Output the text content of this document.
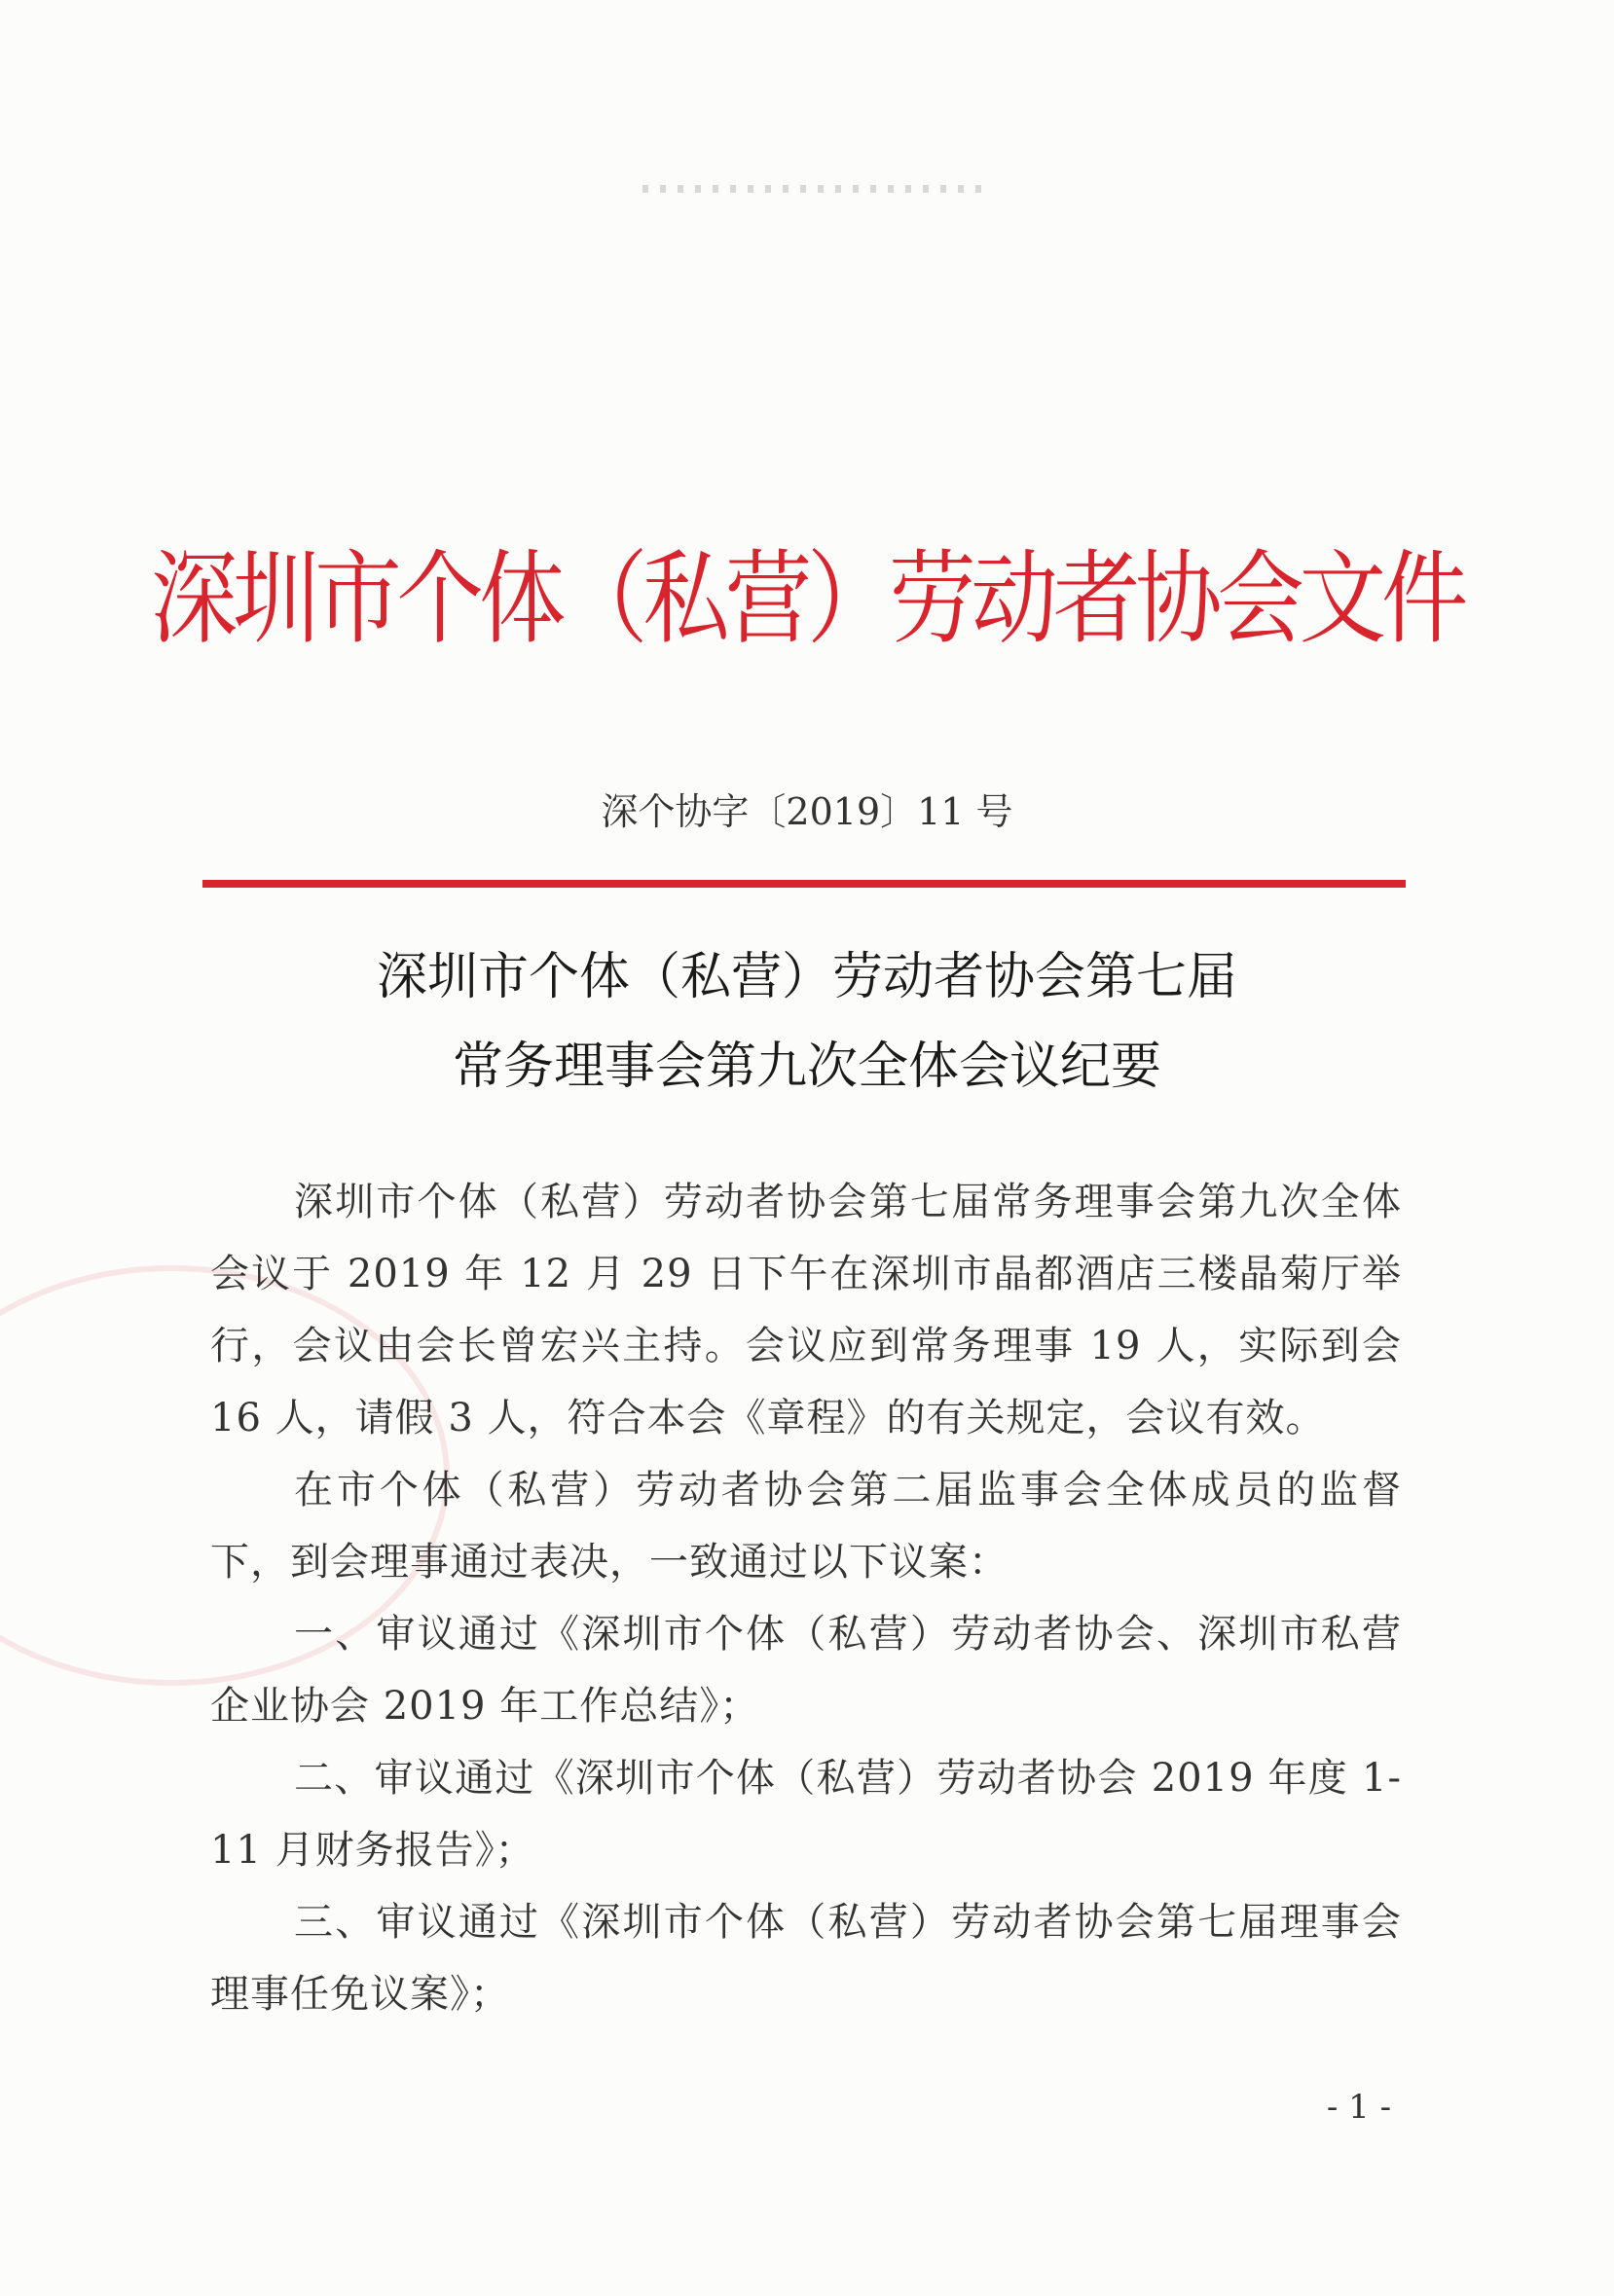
深圳市个体（私营）劳动者协会文件
深个协字〔2019〕11 号
深圳市个体（私营）劳动者协会第七届
常务理事会第九次全体会议纪要

深圳市个体（私营）劳动者协会第七届常务理事会第九次全体会议于 2019 年 12 月 29 日下午在深圳市晶都酒店三楼晶菊厅举行，会议由会长曾宏兴主持。会议应到常务理事 19 人，实际到会 16 人，请假 3 人，符合本会《章程》的有关规定，会议有效。

在市个体（私营）劳动者协会第二届监事会全体成员的监督下，到会理事通过表决，一致通过以下议案：

一、审议通过《深圳市个体（私营）劳动者协会、深圳市私营企业协会 2019 年工作总结》；

二、审议通过《深圳市个体（私营）劳动者协会 2019 年度 1-11 月财务报告》；

三、审议通过《深圳市个体（私营）劳动者协会第七届理事会理事任免议案》；

- 1 -
